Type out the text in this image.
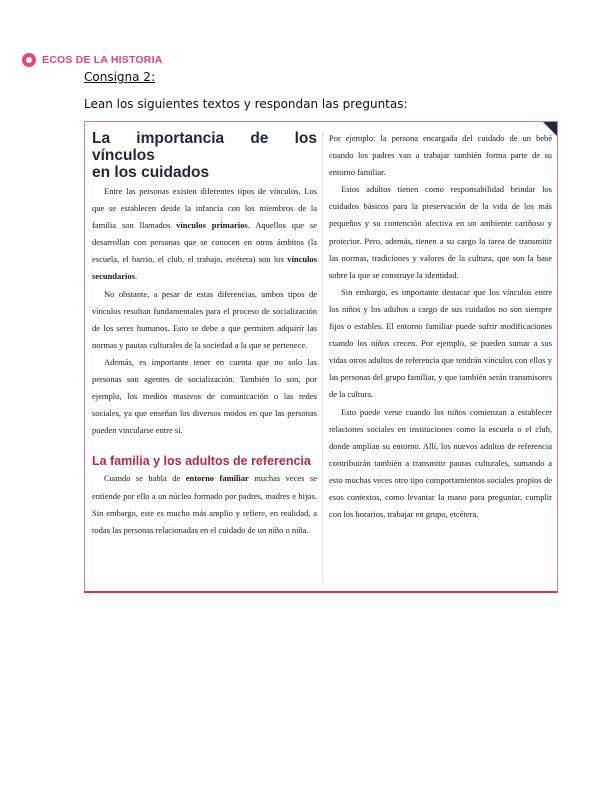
ECOS DE LA HISTORIA
Consigna 2:
Lean los siguientes textos y respondan las preguntas:
La importancia de los vínculos
en los cuidados

Entre las personas existen diferentes tipos de vínculos. Los que se establecen desde la infancia con los miembros de la familia son llamados vínculos primarios. Aquellos que se desarrollan con personas que se conocen en otros ámbitos (la escuela, el barrio, el club, el trabajo, etcétera) son los vínculos secundarios.

No obstante, a pesar de estas diferencias, ambos tipos de vínculos resultan fundamentales para el proceso de socialización de los seres humanos. Esto se debe a que permiten adquirir las normas y pautas culturales de la sociedad a la que se pertenece.

Además, es importante tener en cuenta que no solo las personas son agentes de socialización. También lo son, por ejemplo, los medios masivos de comunicación o las redes sociales, ya que enseñan los diversos modos en que las personas pueden vincularse entre sí.

La familia y los adultos de referencia

Cuando se habla de entorno familiar muchas veces se entiende por ello a un núcleo formado por padres, madres e hijos. Sin embargo, este es mucho más amplio y refiere, en realidad, a todas las personas relacionadas en el cuidado de un niño o niña.

Por ejemplo: la persona encargada del cuidado de un bebé cuando los padres van a trabajar también forma parte de su entorno familiar.

Estos adultos tienen como responsabilidad brindar los cuidados básicos para la preservación de la vida de los más pequeños y su contención afectiva en un ambiente cariñoso y protector. Pero, además, tienen a su cargo la tarea de transmitir las normas, tradiciones y valores de la cultura, que son la base sobre la que se construye la identidad.

Sin embargo, es importante destacar que los vínculos entre los niños y los adultos a cargo de sus cuidados no son siempre fijos o estables. El entorno familiar puede sufrir modificaciones cuando los niños crecen. Por ejemplo, se pueden sumar a sus vidas otros adultos de referencia que tendrán vínculos con ellos y las personas del grupo familiar, y que también serán transmisores de la cultura.

Esto puede verse cuando los niños comienzan a establecer relaciones sociales en instituciones como la escuela o el club, donde amplían su entorno. Allí, los nuevos adultos de referencia contribuirán también a transmitir pautas culturales, sumando a esto muchas veces otro tipo comportamientos sociales propios de esos contextos, como levantar la mano para preguntar, cumplir con los horarios, trabajar en grupo, etcétera.
